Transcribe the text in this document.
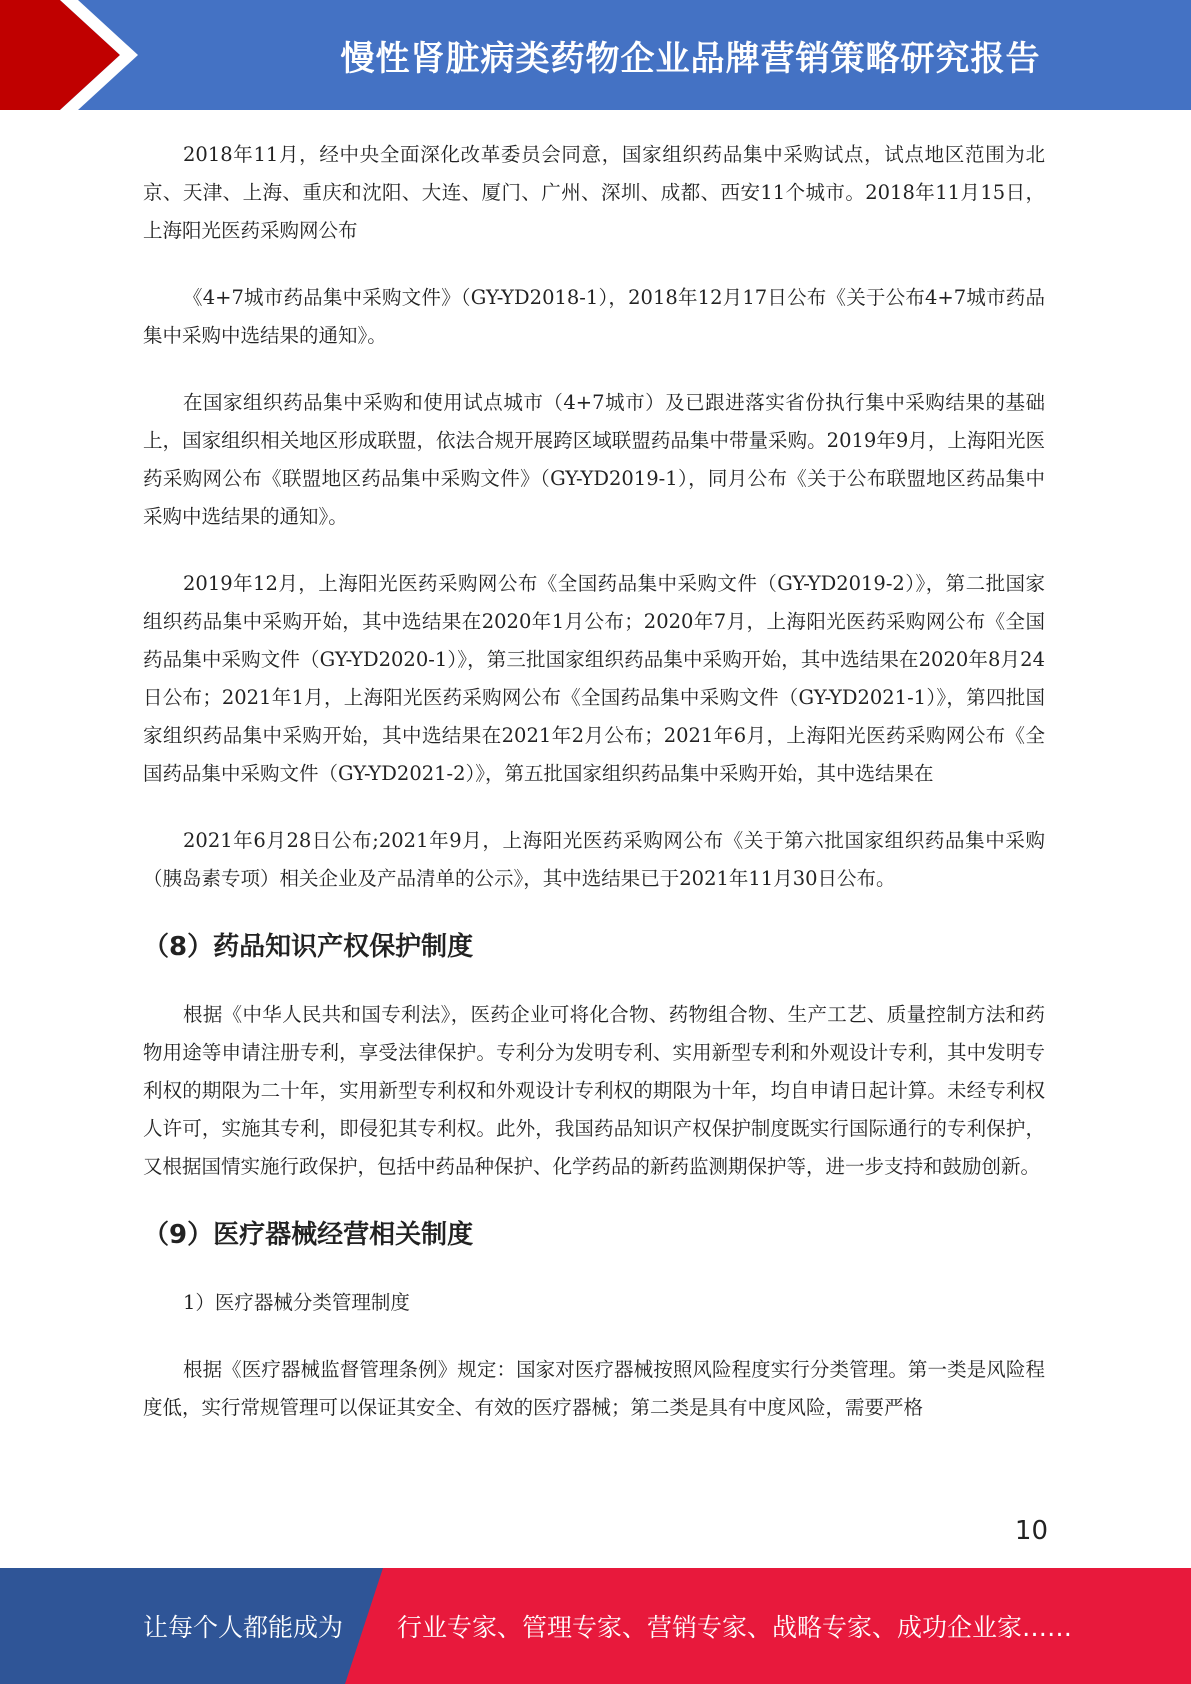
慢性肾脏病类药物企业品牌营销策略研究报告

2018年11月，经中央全面深化改革委员会同意，国家组织药品集中采购试点，试点地区范围为北京、天津、上海、重庆和沈阳、大连、厦门、广州、深圳、成都、西安11个城市。2018年11月15日，上海阳光医药采购网公布

《4+7城市药品集中采购文件》（GY-YD2018-1），2018年12月17日公布《关于公布4+7城市药品集中采购中选结果的通知》。

在国家组织药品集中采购和使用试点城市（4+7城市）及已跟进落实省份执行集中采购结果的基础上，国家组织相关地区形成联盟，依法合规开展跨区域联盟药品集中带量采购。2019年9月，上海阳光医药采购网公布《联盟地区药品集中采购文件》（GY-YD2019-1），同月公布《关于公布联盟地区药品集中采购中选结果的通知》。

2019年12月，上海阳光医药采购网公布《全国药品集中采购文件（GY-YD2019-2）》，第二批国家组织药品集中采购开始，其中选结果在2020年1月公布；2020年7月，上海阳光医药采购网公布《全国药品集中采购文件（GY-YD2020-1）》，第三批国家组织药品集中采购开始，其中选结果在2020年8月24日公布；2021年1月，上海阳光医药采购网公布《全国药品集中采购文件（GY-YD2021-1）》，第四批国家组织药品集中采购开始，其中选结果在2021年2月公布；2021年6月，上海阳光医药采购网公布《全国药品集中采购文件（GY-YD2021-2）》，第五批国家组织药品集中采购开始，其中选结果在

2021年6月28日公布;2021年9月，上海阳光医药采购网公布《关于第六批国家组织药品集中采购（胰岛素专项）相关企业及产品清单的公示》，其中选结果已于2021年11月30日公布。

（8）药品知识产权保护制度

根据《中华人民共和国专利法》，医药企业可将化合物、药物组合物、生产工艺、质量控制方法和药物用途等申请注册专利，享受法律保护。专利分为发明专利、实用新型专利和外观设计专利，其中发明专利权的期限为二十年，实用新型专利权和外观设计专利权的期限为十年，均自申请日起计算。未经专利权人许可，实施其专利，即侵犯其专利权。此外，我国药品知识产权保护制度既实行国际通行的专利保护，又根据国情实施行政保护，包括中药品种保护、化学药品的新药监测期保护等，进一步支持和鼓励创新。

（9）医疗器械经营相关制度

1）医疗器械分类管理制度

根据《医疗器械监督管理条例》规定：国家对医疗器械按照风险程度实行分类管理。第一类是风险程度低，实行常规管理可以保证其安全、有效的医疗器械；第二类是具有中度风险，需要严格

10
让每个人都能成为 行业专家、管理专家、营销专家、战略专家、成功企业家……
